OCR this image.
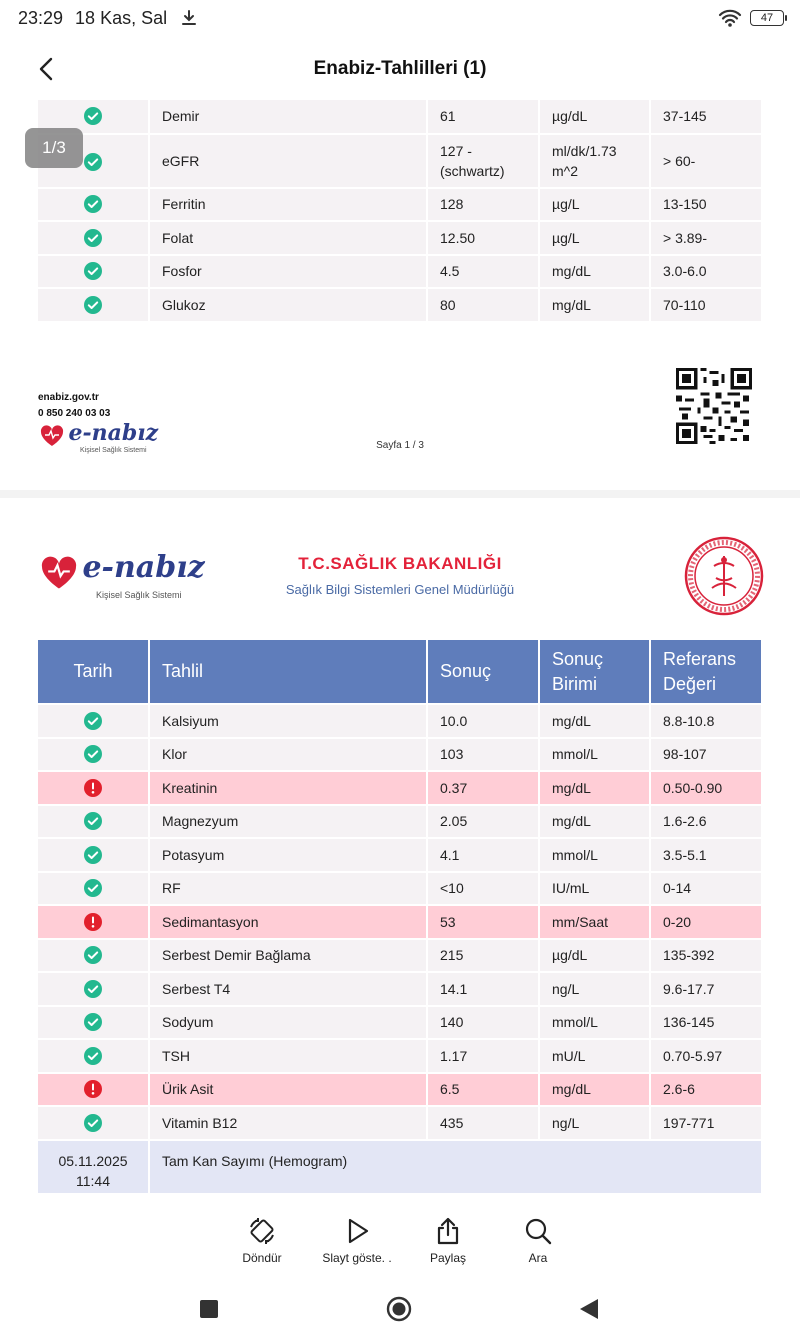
23:29 18 Kas, Sal	47
Enabiz-Tahlilleri (1)
1/3
	Demir	61	µg/dL	37-145
	eGFR	127 - (schwartz)	ml/dk/1.73 m^2	> 60-
	Ferritin	128	µg/L	13-150
	Folat	12.50	µg/L	> 3.89-
	Fosfor	4.5	mg/dL	3.0-6.0
	Glukoz	80	mg/dL	70-110
enabiz.gov.tr
0 850 240 03 03
e-nabız
Kişisel Sağlık Sistemi	Sayfa 1 / 3
e-nabız
Kişisel Sağlık Sistemi
T.C.SAĞLIK BAKANLIĞI
Sağlık Bilgi Sistemleri Genel Müdürlüğü
Tarih	Tahlil	Sonuç	Sonuç Birimi	Referans Değeri
	Kalsiyum	10.0	mg/dL	8.8-10.8
	Klor	103	mmol/L	98-107
	Kreatinin	0.37	mg/dL	0.50-0.90
	Magnezyum	2.05	mg/dL	1.6-2.6
	Potasyum	4.1	mmol/L	3.5-5.1
	RF	<10	IU/mL	0-14
	Sedimantasyon	53	mm/Saat	0-20
	Serbest Demir Bağlama	215	µg/dL	135-392
	Serbest T4	14.1	ng/L	9.6-17.7
	Sodyum	140	mmol/L	136-145
	TSH	1.17	mU/L	0.70-5.97
	Ürik Asit	6.5	mg/dL	2.6-6
	Vitamin B12	435	ng/L	197-771

05.11.2025
11:44	Tam Kan Sayımı (Hemogram)			
Döndür	Slayt göste. .	Paylaş	Ara
